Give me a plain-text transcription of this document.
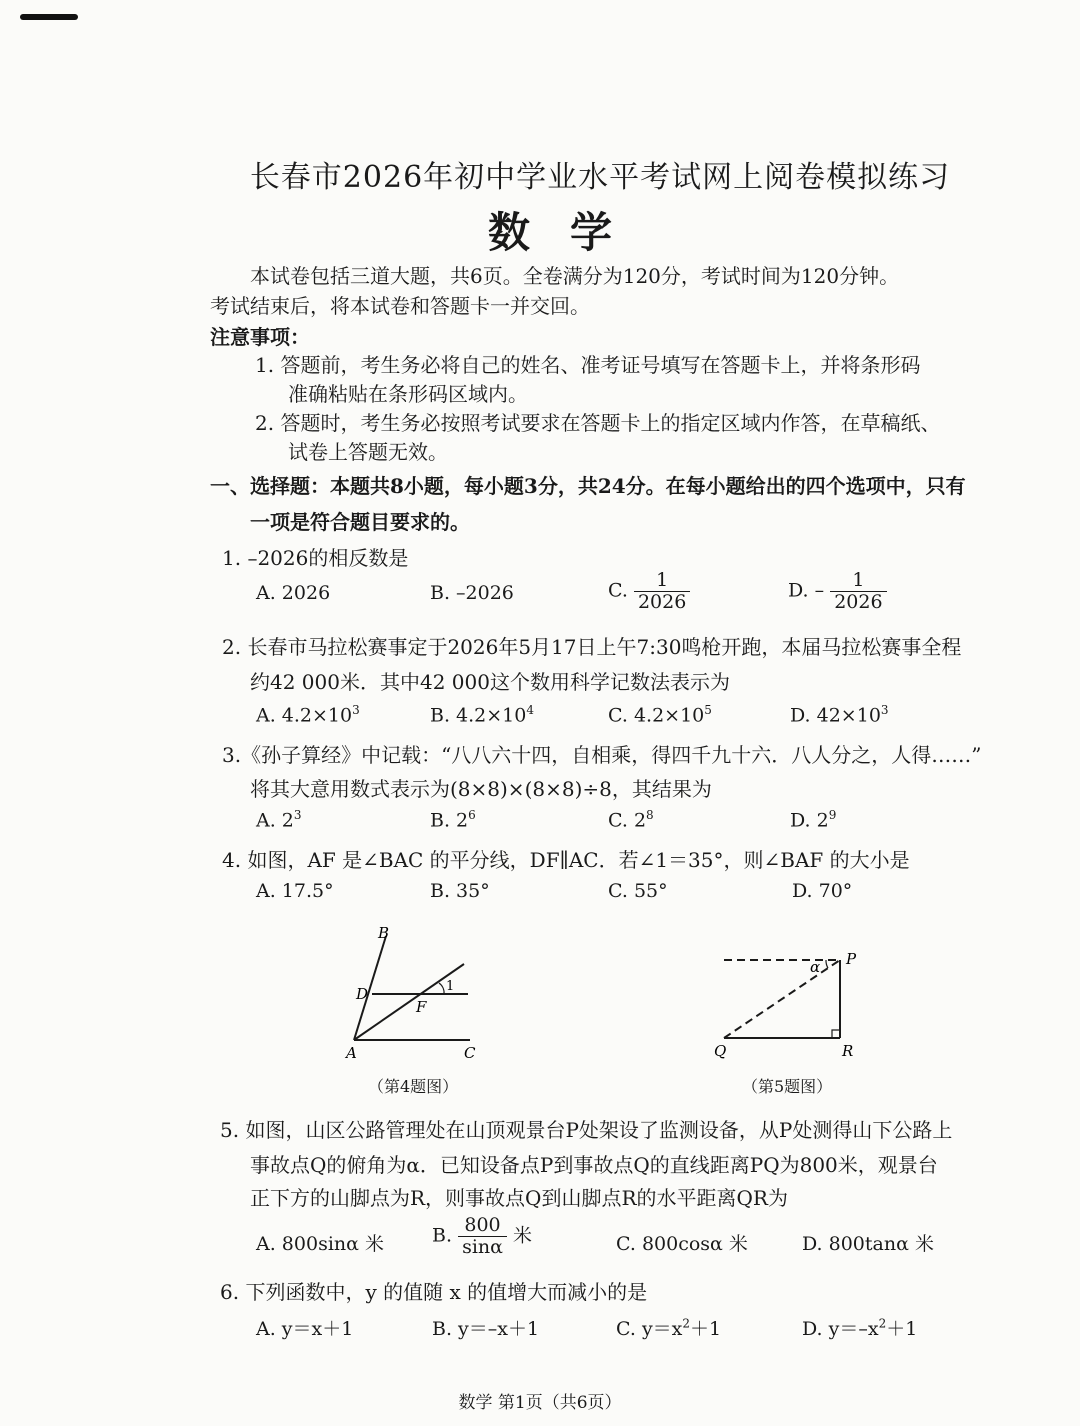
长春市2026年初中学业水平考试网上阅卷模拟练习
数学
本试卷包括三道大题，共6页。全卷满分为120分，考试时间为120分钟。
考试结束后，将本试卷和答题卡一并交回。
注意事项：
1. 答题前，考生务必将自己的姓名、准考证号填写在答题卡上，并将条形码
准确粘贴在条形码区域内。
2. 答题时，考生务必按照考试要求在答题卡上的指定区域内作答，在草稿纸、
试卷上答题无效。
一、选择题：本题共8小题，每小题3分，共24分。在每小题给出的四个选项中，只有
一项是符合题目要求的。
1. –2026的相反数是
A. 2026	B. –2026	C. $\frac{1}{2026}$	D. – $\frac{1}{2026}$
2. 长春市马拉松赛事定于2026年5月17日上午7:30鸣枪开跑，本届马拉松赛事全程
约42 000米．其中42 000这个数用科学记数法表示为
A. $4.2\times 10^3$	B. $4.2\times 10^4$	C. $4.2\times 10^5$	D. $42\times 10^3$
3.《孙子算经》中记载：“八八六十四，自相乘，得四千九十六．八人分之，人得……”
将其大意用数式表示为(8×8)×(8×8)÷8，其结果为
A. $2^3$	B. $2^6$	C. $2^8$	D. $2^9$
4. 如图，AF 是∠BAC 的平分线，DF∥AC．若∠1＝35°，则∠BAF 的大小是
A. 17.5°	B. 35°	C. 55°	D. 70°
B
D
F
1
A	C
（第4题图）
α P
Q	R
（第5题图）
5. 如图，山区公路管理处在山顶观景台P处架设了监测设备，从P处测得山下公路上
事故点Q的俯角为α．已知设备点P到事故点Q的直线距离PQ为800米，观景台
正下方的山脚点为R，则事故点Q到山脚点R的水平距离QR为
A. 800sinα 米	B. $\frac{800}{\sin\alpha}$ 米	C. 800cosα 米	D. 800tanα 米
6. 下列函数中，y 的值随 x 的值增大而减小的是
A. y＝x＋1	B. y＝–x＋1	C. $y=x^2+1$	D. $y=-x^2+1$
数学 第1页（共6页）
